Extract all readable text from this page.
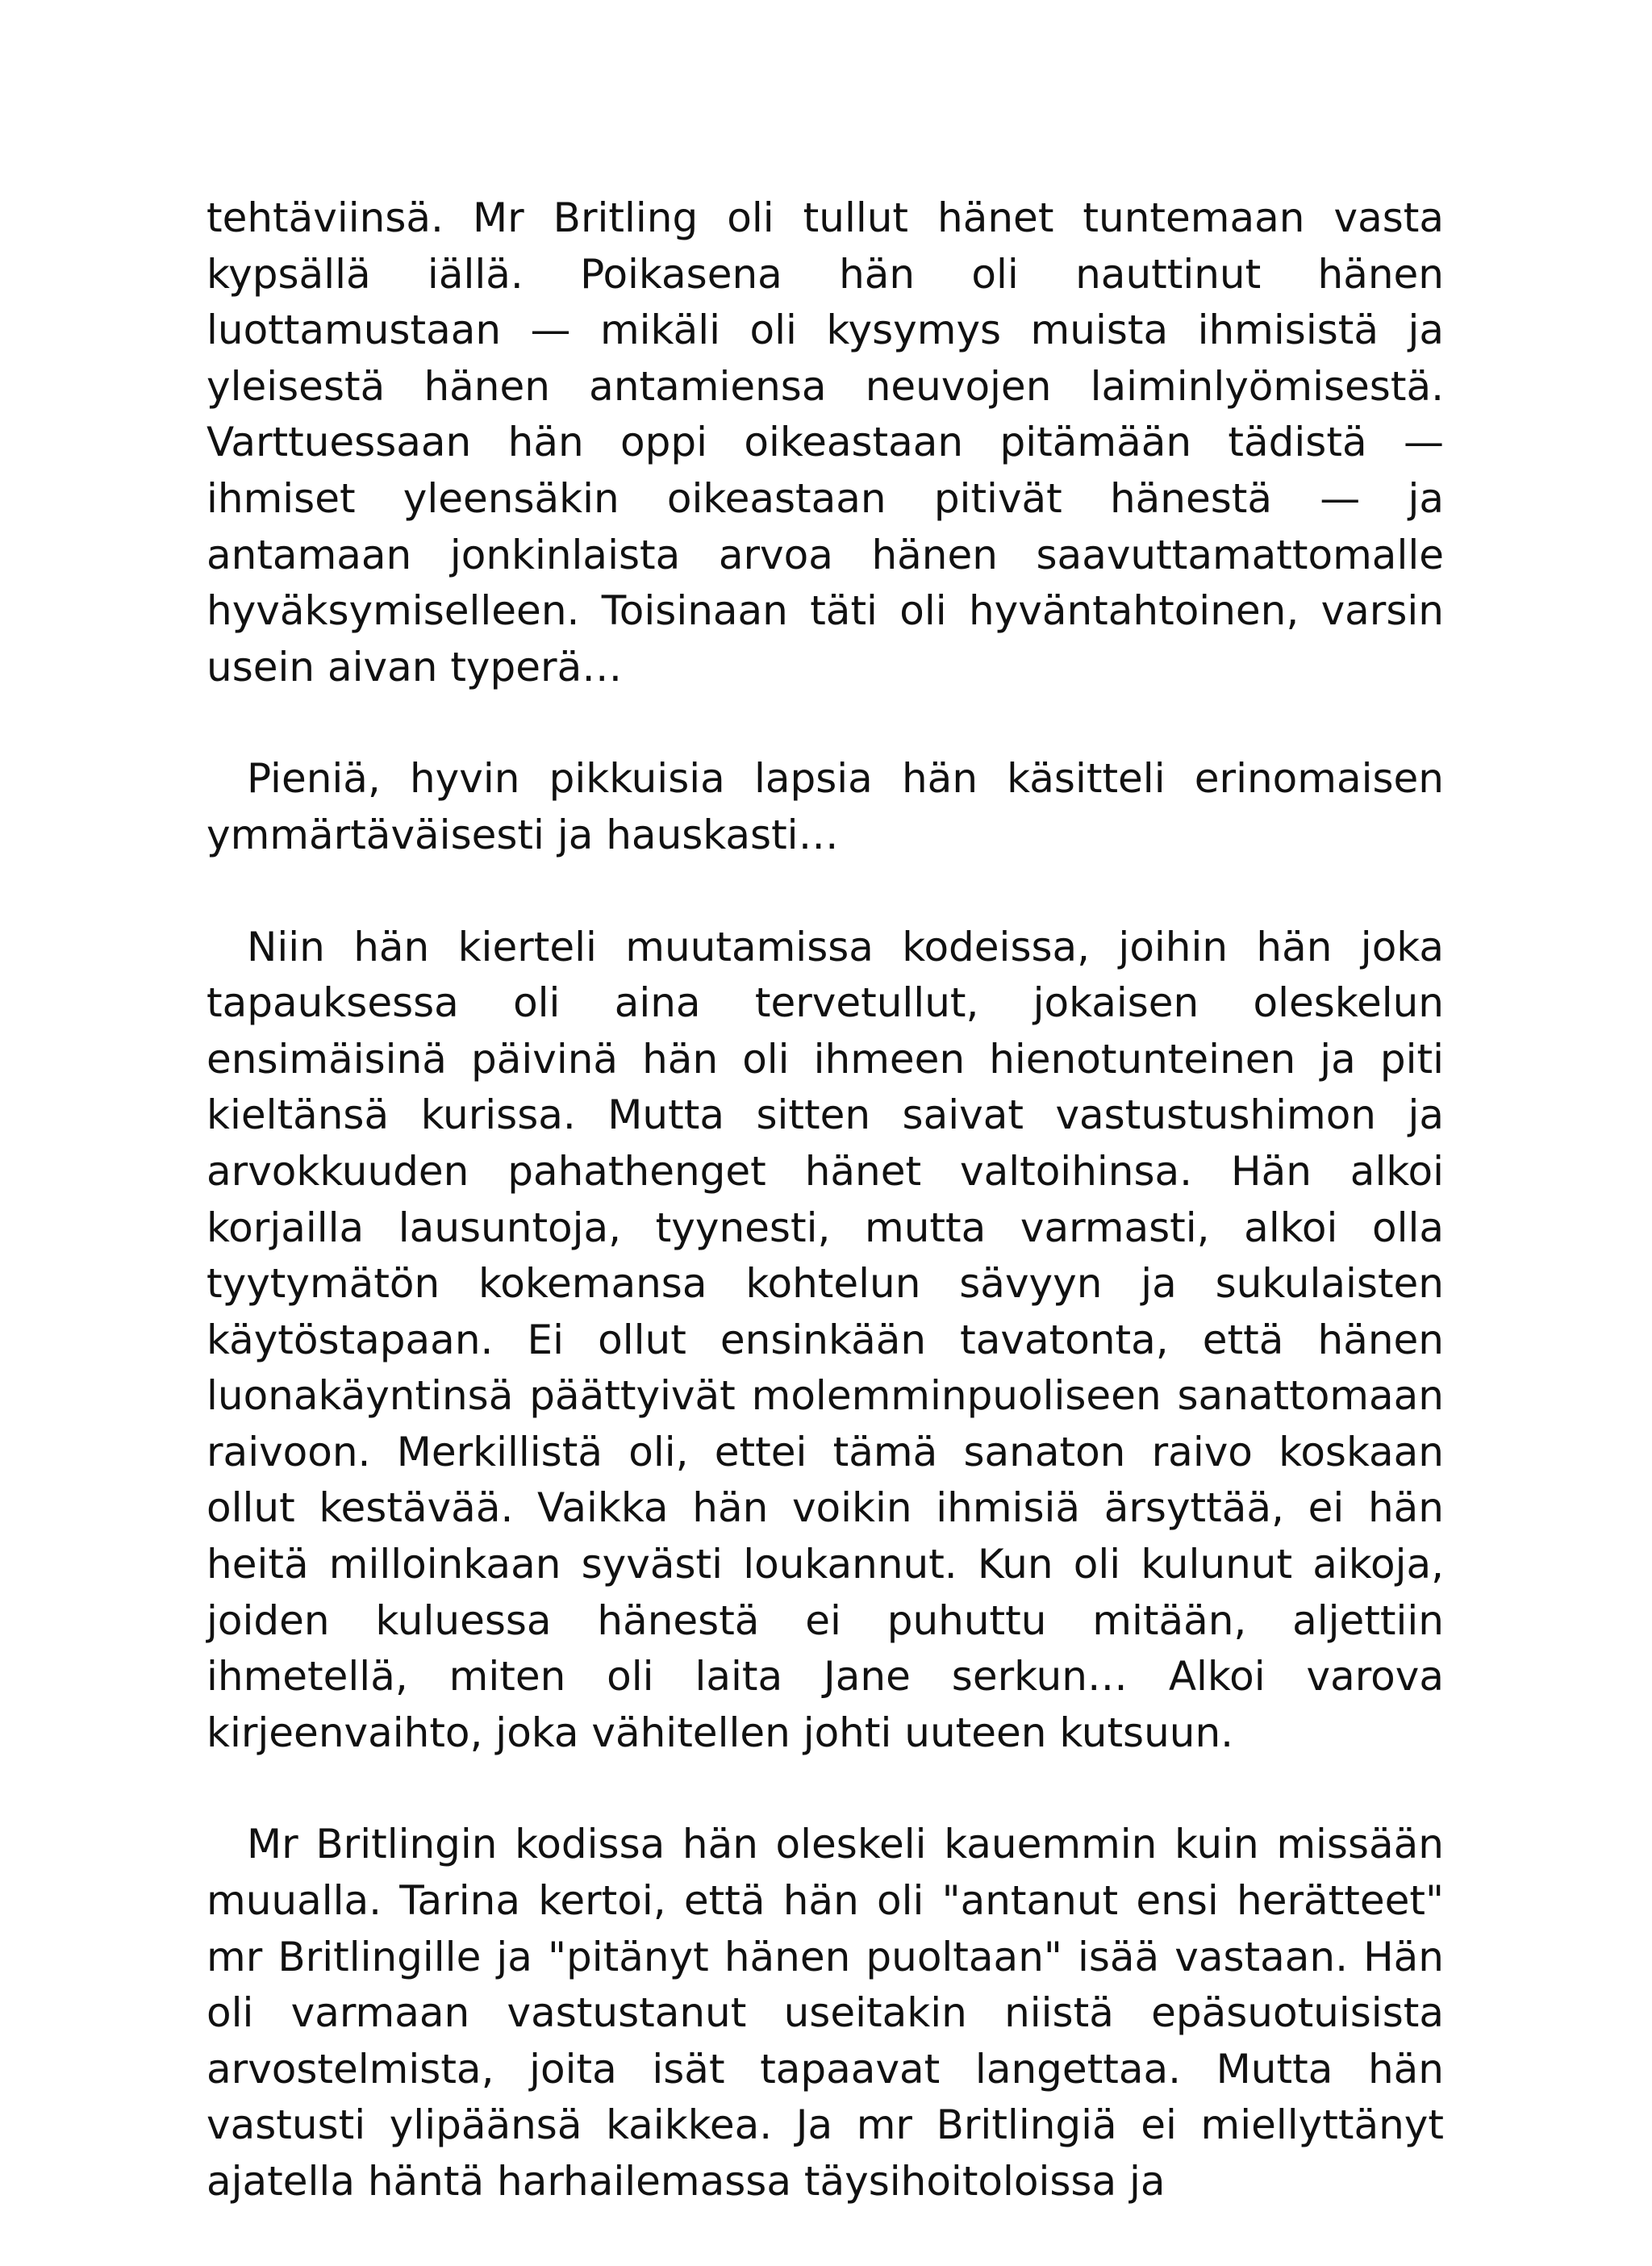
tehtäviinsä. Mr Britling oli tullut hänet tuntemaan vasta kypsällä iällä. Poikasena hän oli nauttinut hänen luottamustaan — mikäli oli kysymys muista ihmisistä ja yleisestä hänen antamiensa neuvojen laiminlyömisestä. Varttuessaan hän oppi oikeastaan pitämään tädistä — ihmiset yleensäkin oikeastaan pitivät hänestä — ja antamaan jonkinlaista arvoa hänen saavuttamattomalle hyväksymiselleen. Toisinaan täti oli hyväntahtoinen, varsin usein aivan typerä…

Pieniä, hyvin pikkuisia lapsia hän käsitteli erinomaisen ymmärtäväisesti ja hauskasti…

Niin hän kierteli muutamissa kodeissa, joihin hän joka tapauksessa oli aina tervetullut, jokaisen oleskelun ensimäisinä päivinä hän oli ihmeen hienotunteinen ja piti kieltänsä kurissa. Mutta sitten saivat vastustushimon ja arvokkuuden pahathenget hänet valtoihinsa. Hän alkoi korjailla lausuntoja, tyynesti, mutta varmasti, alkoi olla tyytymätön kokemansa kohtelun sävyyn ja sukulaisten käytöstapaan. Ei ollut ensinkään tavatonta, että hänen luonakäyntinsä päättyivät molemminpuoliseen sanattomaan raivoon. Merkillistä oli, ettei tämä sanaton raivo koskaan ollut kestävää. Vaikka hän voikin ihmisiä ärsyttää, ei hän heitä milloinkaan syvästi loukannut. Kun oli kulunut aikoja, joiden kuluessa hänestä ei puhuttu mitään, aljettiin ihmetellä, miten oli laita Jane serkun… Alkoi varova kirjeenvaihto, joka vähitellen johti uuteen kutsuun.

Mr Britlingin kodissa hän oleskeli kauemmin kuin missään muualla. Tarina kertoi, että hän oli "antanut ensi herätteet" mr Britlingille ja "pitänyt hänen puoltaan" isää vastaan. Hän oli varmaan vastustanut useitakin niistä epäsuotuisista arvostelmista, joita isät tapaavat langettaa. Mutta hän vastusti ylipäänsä kaikkea. Ja mr Britlingiä ei miellyttänyt ajatella häntä harhailemassa täysihoitoloissa ja
